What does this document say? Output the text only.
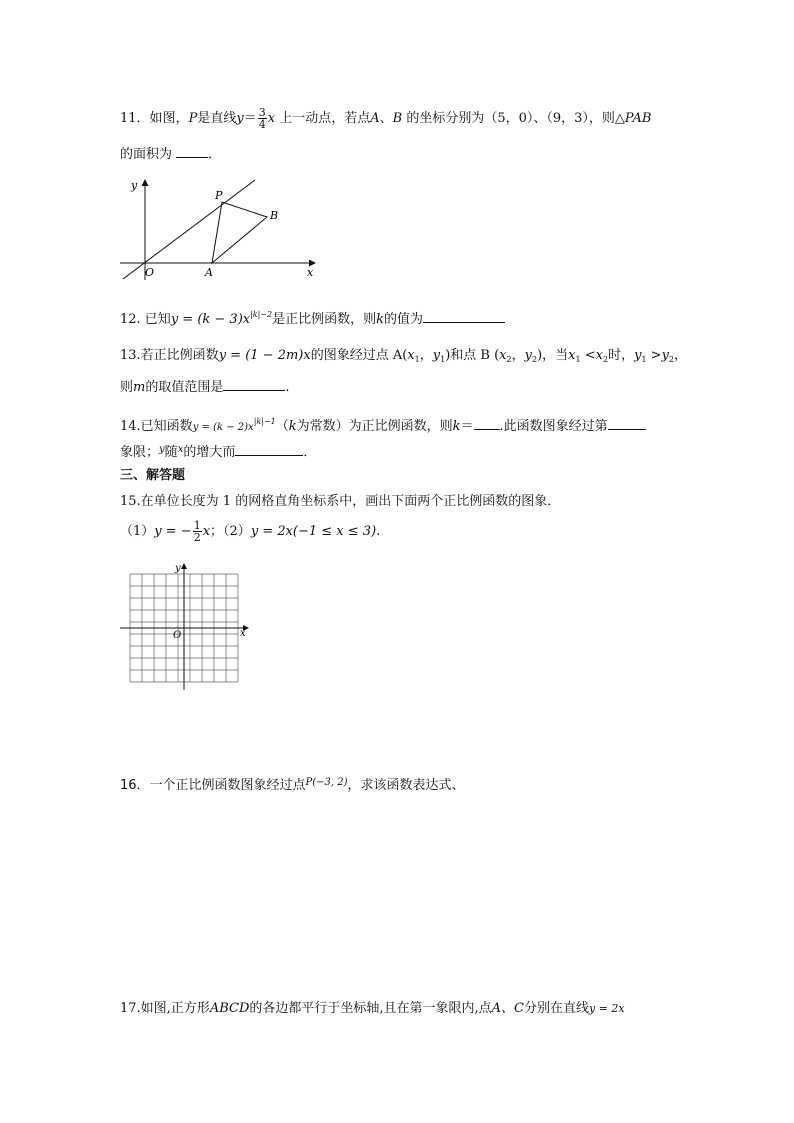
11．如图，P是直线$y= \frac{3}{4}$ x 上一动点，若点A、B 的坐标分别为（5，0）、（9，3），则△PAB
的面积为	．
y
x
O	A
P
B
12. 已知$y = (k - 3)x^{|k|-2}$是正比例函数，则k的值为
13.若正比例函数y = (1 − 2m)x的图象经过点 $A(x_1$，$y_1$)和点 B ($x_2$，$y_2$)，当$x_1 <x_2$时，$y_1 >y_2$，
则m的取值范围是	.
14.已知函数$y = (k - 2)x^{|k|-1}(k$为常数）为正比例函数，则k＝ .此函数图象经过第
象限；$^y$随$^x$的增大而	．
三、解答题
15.在单位长度为 1 的网格直角坐标系中，画出下面两个正比例函数的图象．
（1）y = − $\frac{1}{2}$ x；（2）y = 2x(−1 ≤ x ≤ 3).
y
x
O
16．一个正比例函数图象经过点$^{P(-3, 2)}$，求该函数表达式、
17.如图,正方形ABCD的各边都平行于坐标轴,且在第一象限内,点A、C分别在直线y = 2x
